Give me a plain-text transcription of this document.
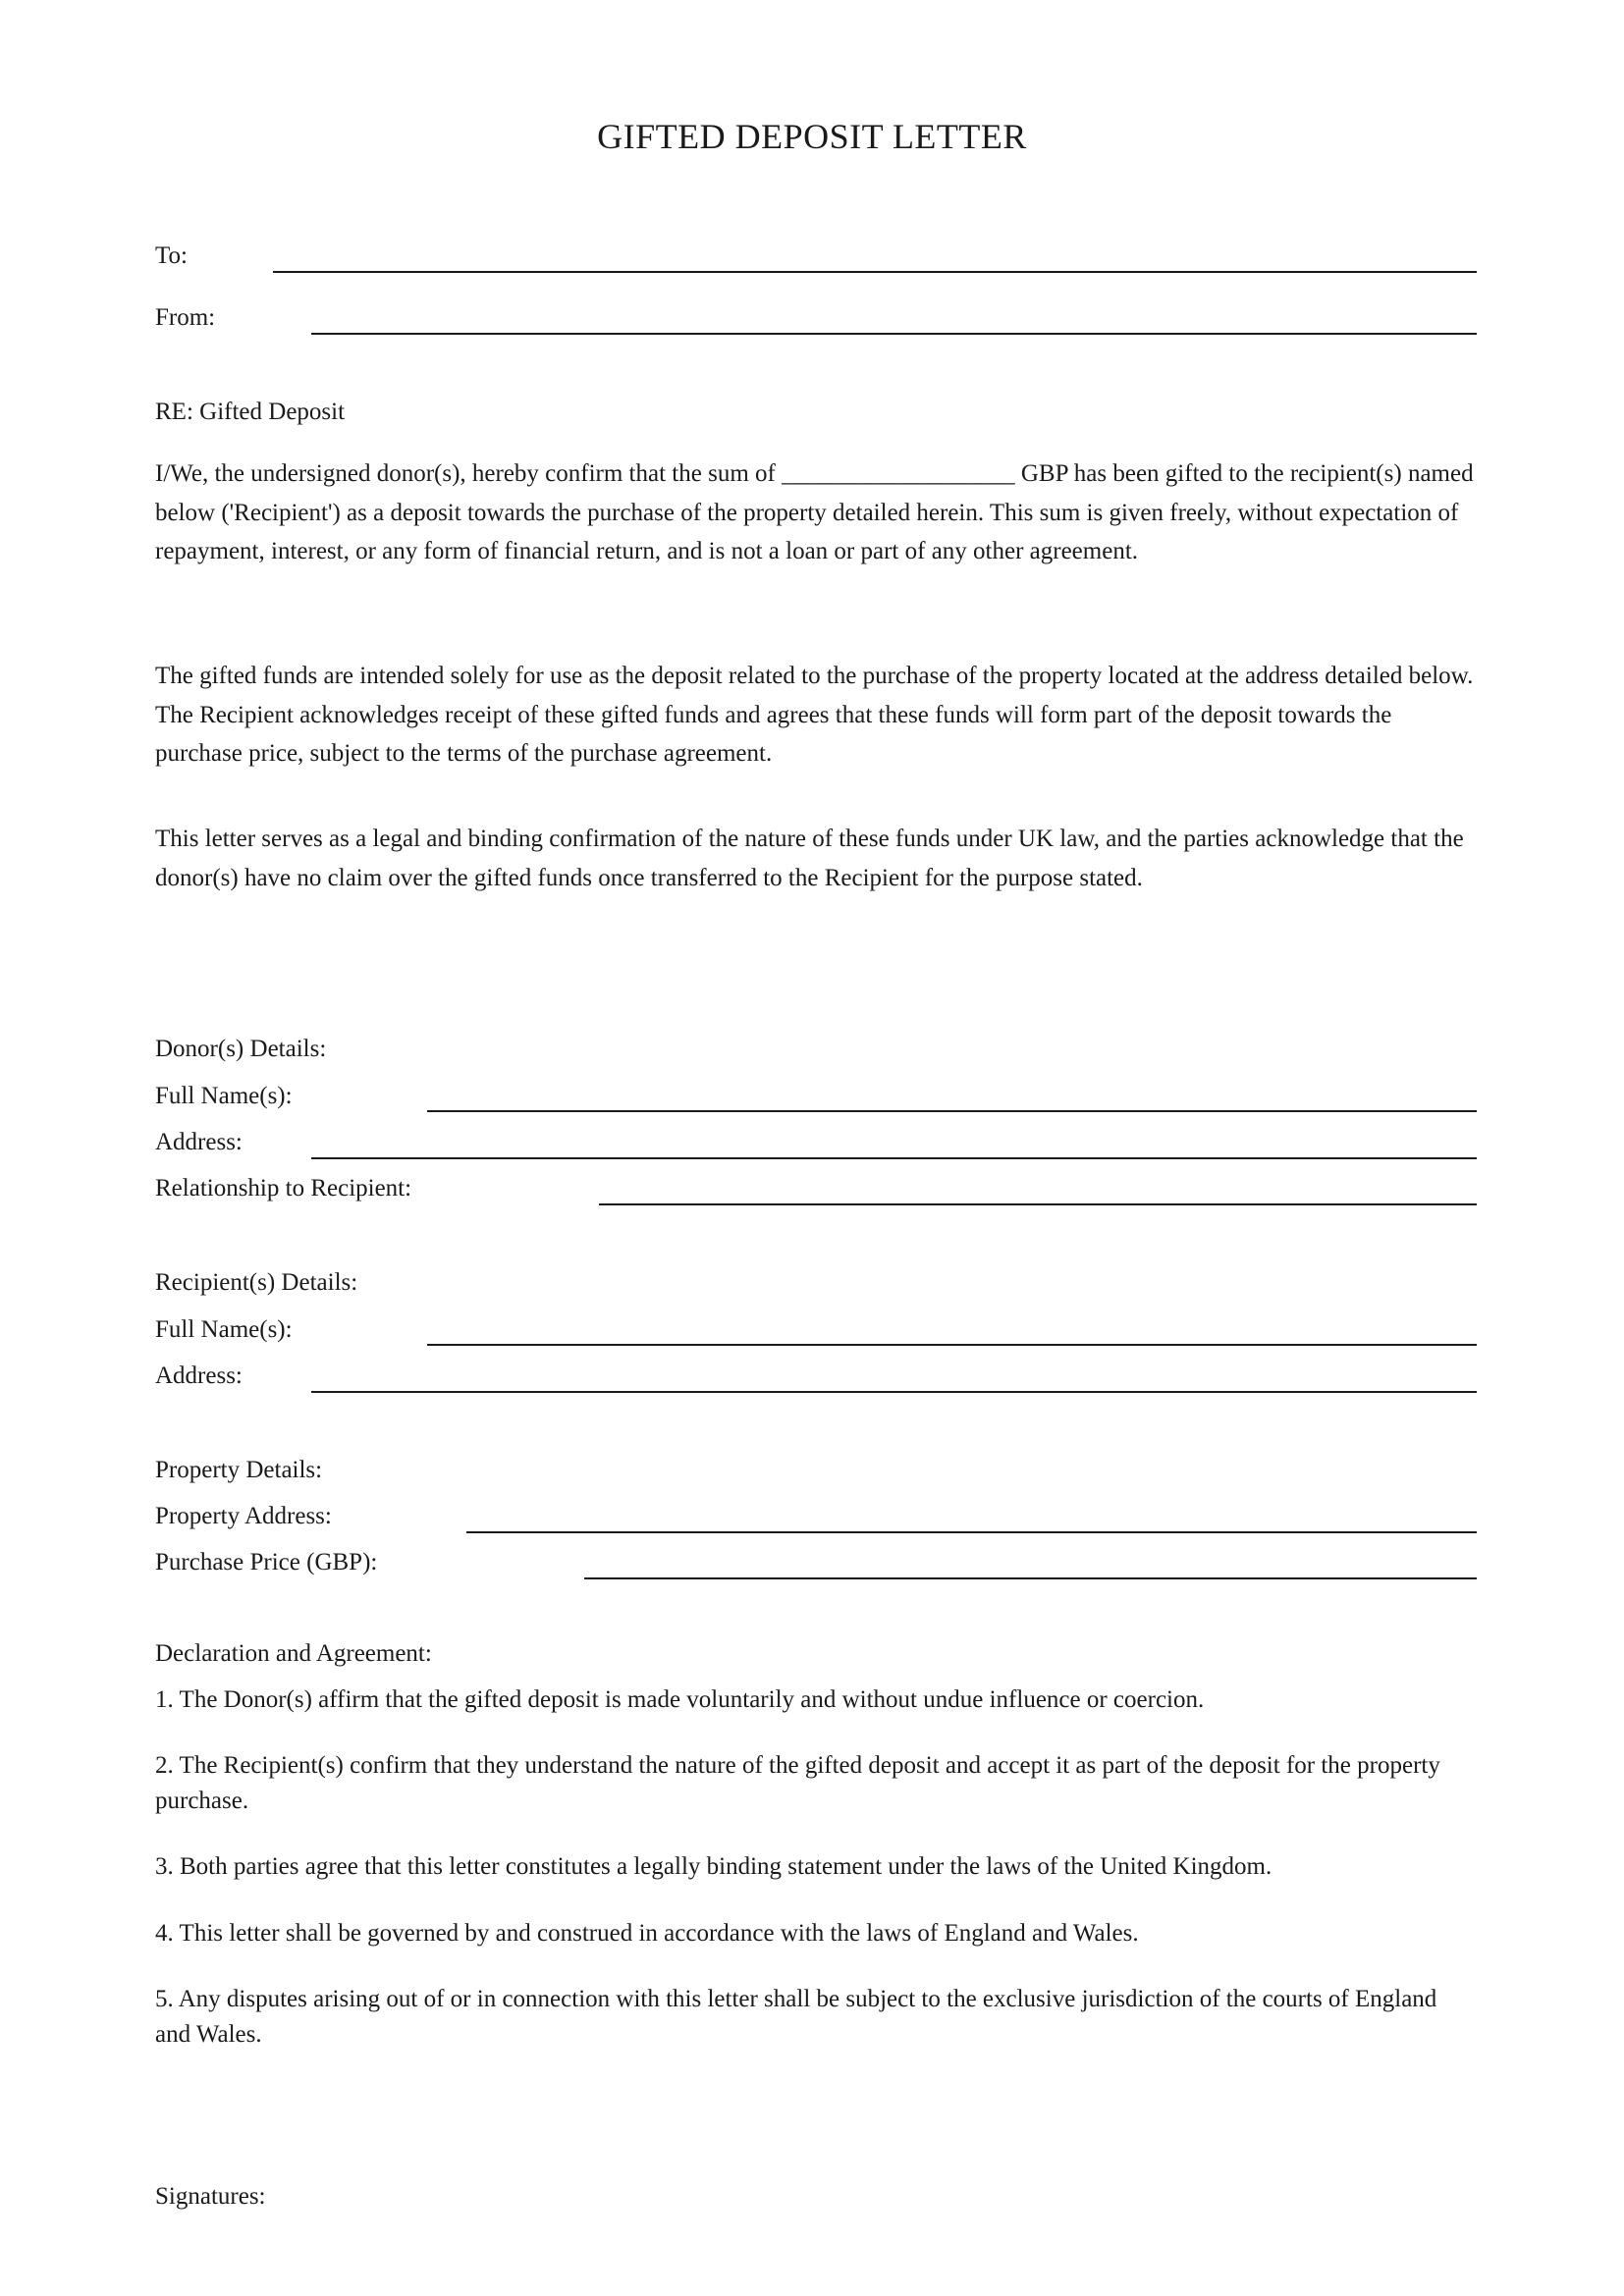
GIFTED DEPOSIT LETTER
To:
From:
RE: Gifted Deposit
I/We, the undersigned donor(s), hereby confirm that the sum of ___________________ GBP has been gifted to the recipient(s) named below ('Recipient') as a deposit towards the purchase of the property detailed herein. This sum is given freely, without expectation of repayment, interest, or any form of financial return, and is not a loan or part of any other agreement.
The gifted funds are intended solely for use as the deposit related to the purchase of the property located at the address detailed below. The Recipient acknowledges receipt of these gifted funds and agrees that these funds will form part of the deposit towards the purchase price, subject to the terms of the purchase agreement.
This letter serves as a legal and binding confirmation of the nature of these funds under UK law, and the parties acknowledge that the donor(s) have no claim over the gifted funds once transferred to the Recipient for the purpose stated.
Donor(s) Details:
Full Name(s):
Address:
Relationship to Recipient:
Recipient(s) Details:
Full Name(s):
Address:
Property Details:
Property Address:
Purchase Price (GBP):
Declaration and Agreement:
1. The Donor(s) affirm that the gifted deposit is made voluntarily and without undue influence or coercion.
2. The Recipient(s) confirm that they understand the nature of the gifted deposit and accept it as part of the deposit for the property purchase.
3. Both parties agree that this letter constitutes a legally binding statement under the laws of the United Kingdom.
4. This letter shall be governed by and construed in accordance with the laws of England and Wales.
5. Any disputes arising out of or in connection with this letter shall be subject to the exclusive jurisdiction of the courts of England and Wales.
Signatures:
